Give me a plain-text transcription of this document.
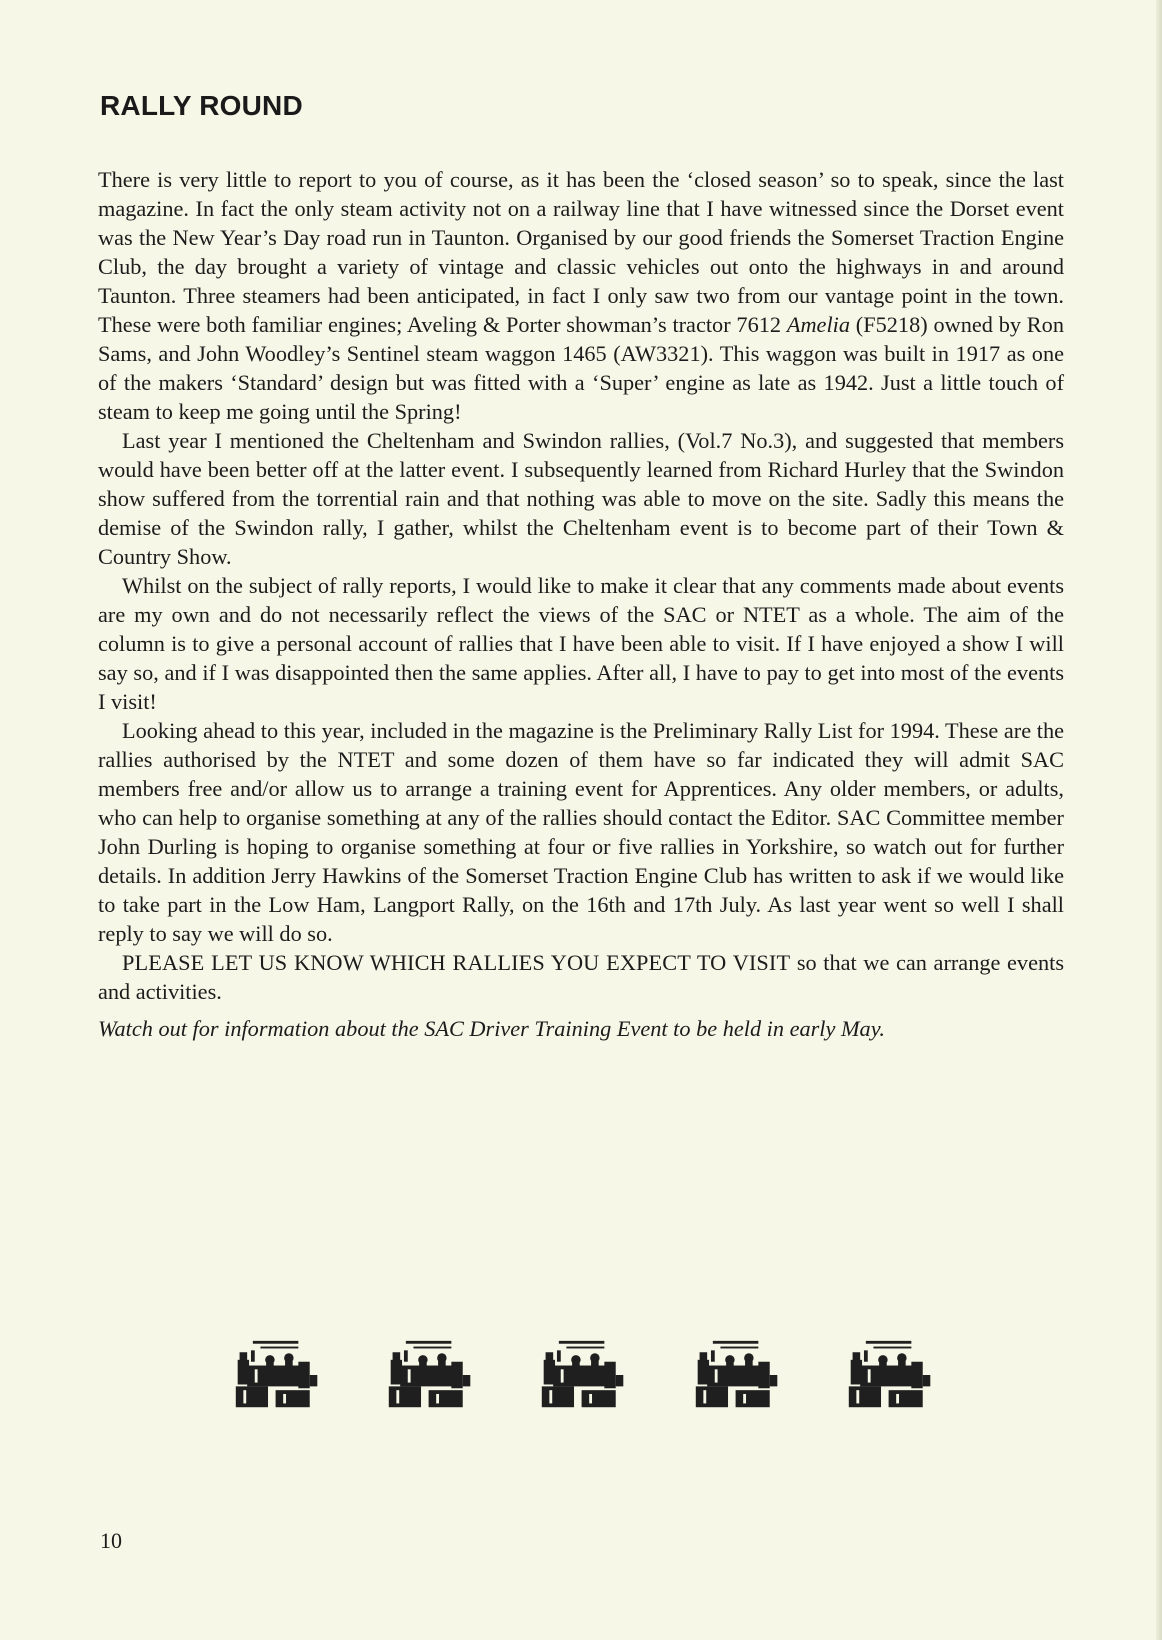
RALLY ROUND

There is very little to report to you of course, as it has been the ‘closed season’ so to speak, since the last magazine. In fact the only steam activity not on a railway line that I have witnessed since the Dorset event was the New Year’s Day road run in Taunton. Organised by our good friends the Somerset Traction Engine Club, the day brought a variety of vintage and classic vehicles out onto the highways in and around Taunton. Three steamers had been anticipated, in fact I only saw two from our vantage point in the town. These were both familiar engines; Aveling & Porter showman’s tractor 7612 Amelia (F5218) owned by Ron Sams, and John Woodley’s Sentinel steam waggon 1465 (AW3321). This waggon was built in 1917 as one of the makers ‘Standard’ design but was fitted with a ‘Super’ engine as late as 1942. Just a little touch of steam to keep me going until the Spring!

Last year I mentioned the Cheltenham and Swindon rallies, (Vol.7 No.3), and suggested that members would have been better off at the latter event. I subsequently learned from Richard Hurley that the Swindon show suffered from the torrential rain and that nothing was able to move on the site. Sadly this means the demise of the Swindon rally, I gather, whilst the Cheltenham event is to become part of their Town & Country Show.

Whilst on the subject of rally reports, I would like to make it clear that any comments made about events are my own and do not necessarily reflect the views of the SAC or NTET as a whole. The aim of the column is to give a personal account of rallies that I have been able to visit. If I have enjoyed a show I will say so, and if I was disappointed then the same applies. After all, I have to pay to get into most of the events I visit!

Looking ahead to this year, included in the magazine is the Preliminary Rally List for 1994. These are the rallies authorised by the NTET and some dozen of them have so far indicated they will admit SAC members free and/or allow us to arrange a training event for Apprentices. Any older members, or adults, who can help to organise something at any of the rallies should contact the Editor. SAC Committee member John Durling is hoping to organise something at four or five rallies in Yorkshire, so watch out for further details. In addition Jerry Hawkins of the Somerset Traction Engine Club has written to ask if we would like to take part in the Low Ham, Langport Rally, on the 16th and 17th July. As last year went so well I shall reply to say we will do so.

PLEASE LET US KNOW WHICH RALLIES YOU EXPECT TO VISIT so that we can arrange events and activities.

Watch out for information about the SAC Driver Training Event to be held in early May.

10
